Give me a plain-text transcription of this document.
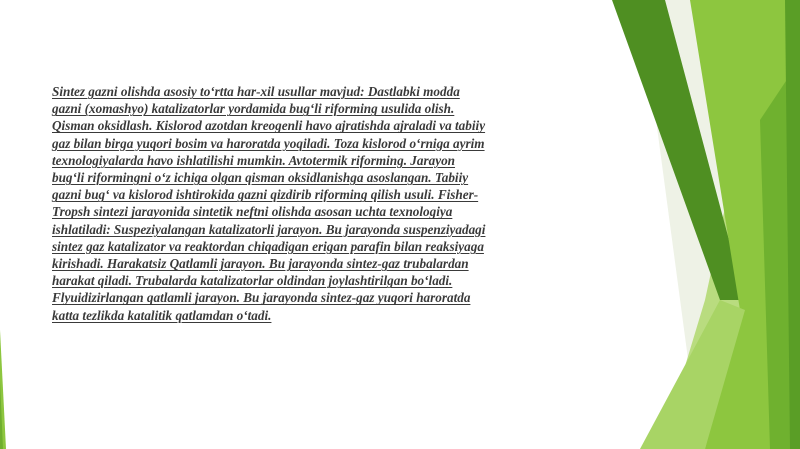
Sintez gazni olishda asosiy to‘rtta har-xil usullar mavjud: Dastlabki modda
gazni (xomashyo) katalizatorlar yordamida bug‘li riforming usulida olish.
Qisman oksidlash. Kislorod azotdan kreogenli havo ajratishda ajraladi va tabiiy
gaz bilan birga yuqori bosim va haroratda yoqiladi. Toza kislorod o‘rniga ayrim
texnologiyalarda havo ishlatilishi mumkin. Avtotermik riforming. Jarayon
bug‘li riformingni o‘z ichiga olgan qisman oksidlanishga asoslangan. Tabiiy
gazni bug‘ va kislorod ishtirokida gazni qizdirib riforming qilish usuli. Fisher-
Tropsh sintezi jarayonida sintetik neftni olishda asosan uchta texnologiya
ishlatiladi: Suspeziyalangan katalizatorli jarayon. Bu jarayonda suspenziyadagi
sintez gaz katalizator va reaktordan chiqadigan erigan parafin bilan reaksiyaga
kirishadi. Harakatsiz Qatlamli jarayon. Bu jarayonda sintez-gaz trubalardan
harakat qiladi. Trubalarda katalizatorlar oldindan joylashtirilgan bo‘ladi.
Flyuidizirlangan qatlamli jarayon. Bu jarayonda sintez-gaz yuqori haroratda
katta tezlikda katalitik qatlamdan o‘tadi.
